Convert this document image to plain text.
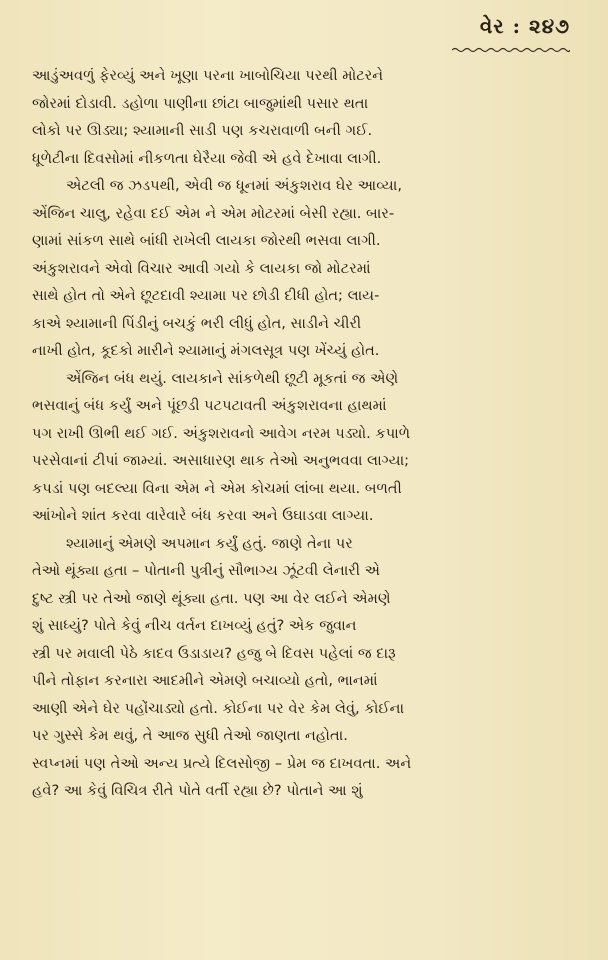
વેર : ૨૪૭
આડુંઅવળું ફેરવ્યું અને ખૂણા પરના ખાબોચિયા પરથી મોટરને
જોરમાં દોડાવી. ડહોળા પાણીના છાંટા બાજુમાંથી પસાર થતા
લોકો પર ઊડ્યા; શ્યામાની સાડી પણ કચરાવાળી બની ગઈ.
ધૂળેટીના દિવસોમાં નીકળતા ઘેરૈયા જેવી એ હવે દેખાવા લાગી.
એટલી જ ઝડપથી, એવી જ ધૂનમાં અંકુશરાવ ઘેર આવ્યા,
એંજિન ચાલુ, રહેવા દઈ એમ ને એમ મોટરમાં બેસી રહ્યા. બાર-
ણામાં સાંકળ સાથે બાંધી રાખેલી લાયકા જોરથી ભસવા લાગી.
અંકુશરાવને એવો વિચાર આવી ગયો કે લાયકા જો મોટરમાં
સાથે હોત તો એને છૂટદાવી શ્યામા પર છોડી દીધી હોત; લાય-
કાએ શ્યામાની પિંડીનું બચકું ભરી લીધું હોત, સાડીને ચીરી
નાખી હોત, કૂદકો મારીને શ્યામાનું મંગલસૂત્ર પણ ખેંચ્યું હોત.
એંજિન બંધ થયું. લાયકાને સાંકળેથી છૂટી મૂકતાં જ એણે
ભસવાનું બંધ કર્યું અને પૂંછડી પટપટાવતી અંકુશરાવના હાથમાં
પગ રાખી ઊભી થઈ ગઈ. અંકુશરાવનો આવેગ નરમ પડ્યો. કપાળે
પરસેવાનાં ટીપાં જામ્યાં. અસાધારણ થાક તેઓ અનુભવવા લાગ્યા;
કપડાં પણ બદલ્યા વિના એમ ને એમ કોચમાં લાંબા થયા. બળતી
આંખોને શાંત કરવા વારેવારે બંધ કરવા અને ઉઘાડવા લાગ્યા.
શ્યામાનું એમણે અપમાન કર્યું હતું. જાણે તેના પર
તેઓ થૂંક્યા હતા – પોતાની પુત્રીનું સૌભાગ્ય ઝૂંટવી લેનારી એ
દુષ્ટ સ્ત્રી પર તેઓ જાણે થૂંક્યા હતા. પણ આ વેર લઈને એમણે
શું સાધ્યું? પોતે કેવું નીચ વર્તન દાખવ્યું હતું? એક જુવાન
સ્ત્રી પર મવાલી પેઠે કાદવ ઉડાડાય? હજુ બે દિવસ પહેલાં જ દારૂ
પીને તોફાન કરનારા આદમીને એમણે બચાવ્યો હતો, ભાનમાં
આણી એને ઘેર પહોંચાડ્યો હતો. કોઈના પર વેર કેમ લેવું, કોઈના
પર ગુસ્સે કેમ થવું, તે આજ સુધી તેઓ જાણતા નહોતા.
સ્વપ્નમાં પણ તેઓ અન્ય પ્રત્યે દિલસોજી – પ્રેમ જ દાખવતા. અને
હવે? આ કેવું વિચિત્ર રીતે પોતે વર્તી રહ્યા છે? પોતાને આ શું
